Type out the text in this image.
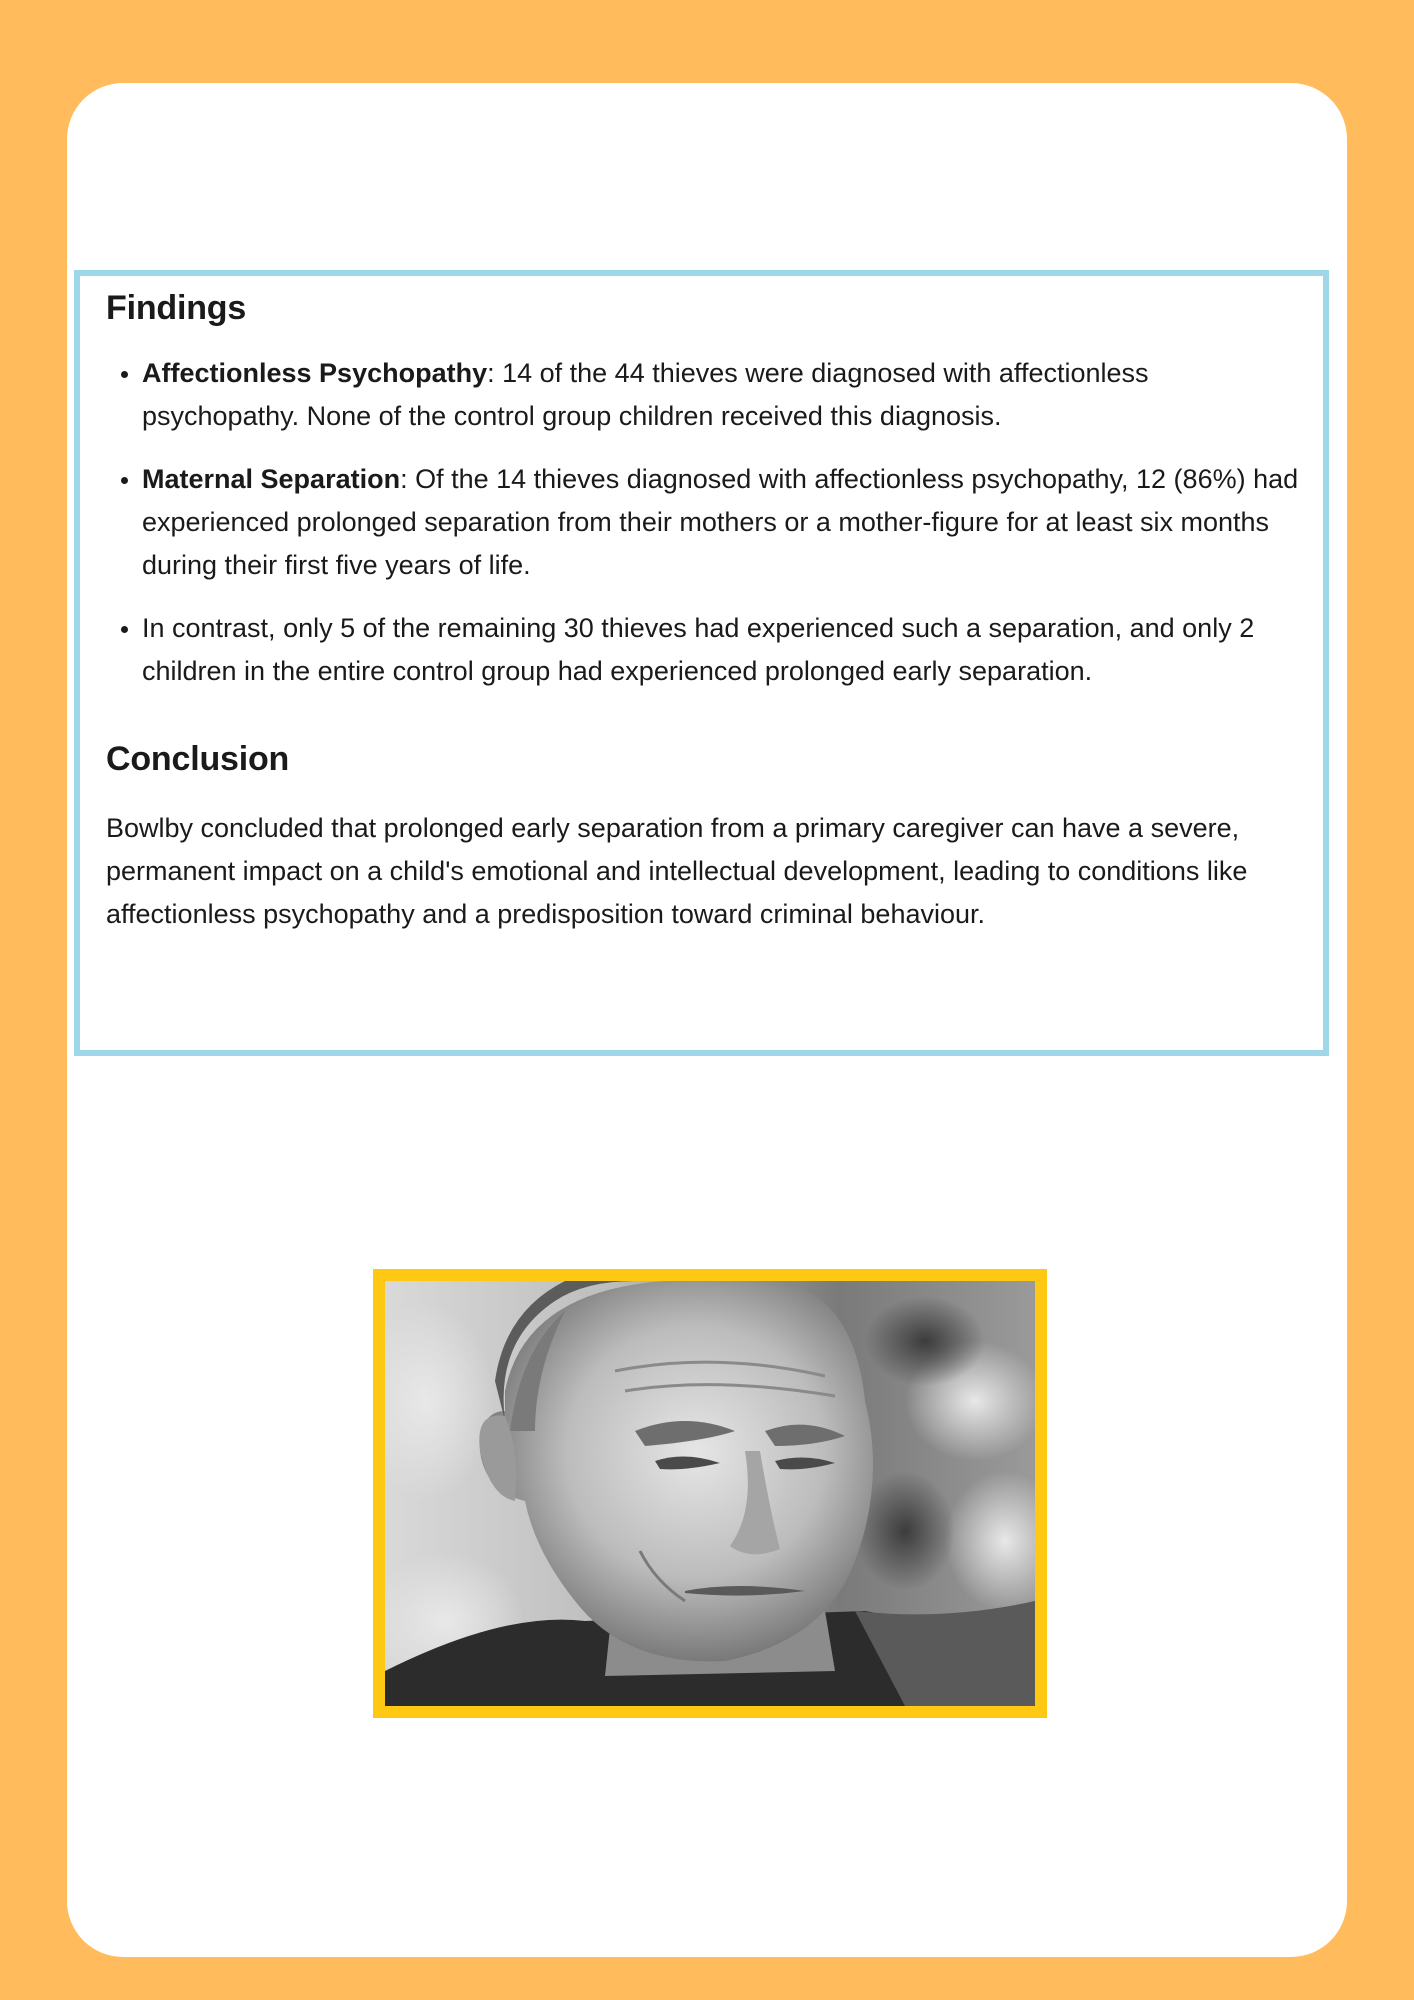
Findings
• Affectionless Psychopathy: 14 of the 44 thieves were diagnosed with affectionless psychopathy. None of the control group children received this diagnosis.
• Maternal Separation: Of the 14 thieves diagnosed with affectionless psychopathy, 12 (86%) had experienced prolonged separation from their mothers or a mother-figure for at least six months during their first five years of life.
• In contrast, only 5 of the remaining 30 thieves had experienced such a separation, and only 2 children in the entire control group had experienced prolonged early separation.
Conclusion

Bowlby concluded that prolonged early separation from a primary caregiver can have a severe, permanent impact on a child's emotional and intellectual development, leading to conditions like affectionless psychopathy and a predisposition toward criminal behaviour.
